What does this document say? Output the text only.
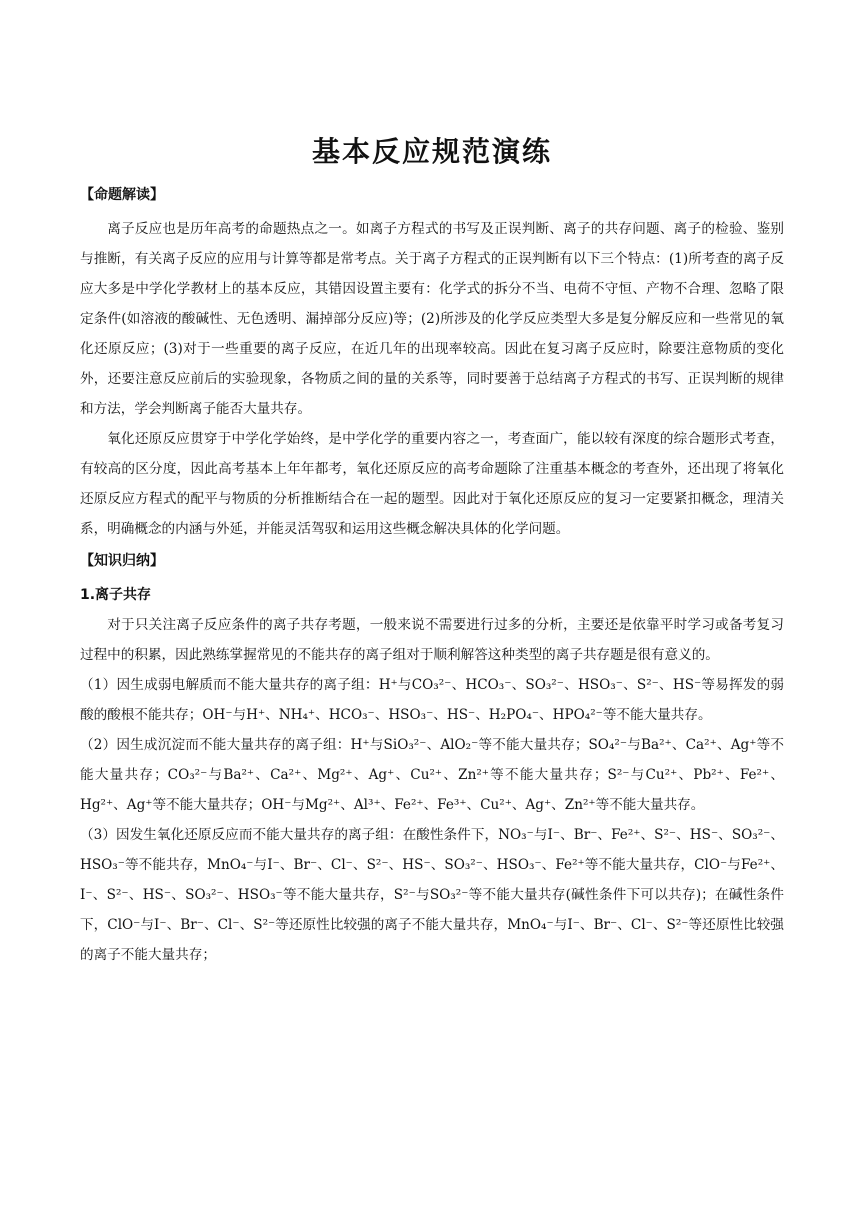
基本反应规范演练
【命题解读】

离子反应也是历年高考的命题热点之一。如离子方程式的书写及正误判断、离子的共存问题、离子的检验、鉴别与推断，有关离子反应的应用与计算等都是常考点。关于离子方程式的正误判断有以下三个特点：(1)所考查的离子反应大多是中学化学教材上的基本反应，其错因设置主要有：化学式的拆分不当、电荷不守恒、产物不合理、忽略了限定条件(如溶液的酸碱性、无色透明、漏掉部分反应)等；(2)所涉及的化学反应类型大多是复分解反应和一些常见的氧化还原反应；(3)对于一些重要的离子反应，在近几年的出现率较高。因此在复习离子反应时，除要注意物质的变化外，还要注意反应前后的实验现象，各物质之间的量的关系等，同时要善于总结离子方程式的书写、正误判断的规律和方法，学会判断离子能否大量共存。

氧化还原反应贯穿于中学化学始终，是中学化学的重要内容之一，考查面广，能以较有深度的综合题形式考查，有较高的区分度，因此高考基本上年年都考，氧化还原反应的高考命题除了注重基本概念的考查外，还出现了将氧化还原反应方程式的配平与物质的分析推断结合在一起的题型。因此对于氧化还原反应的复习一定要紧扣概念，理清关系，明确概念的内涵与外延，并能灵活驾驭和运用这些概念解决具体的化学问题。

【知识归纳】
1.离子共存

对于只关注离子反应条件的离子共存考题，一般来说不需要进行过多的分析，主要还是依靠平时学习或备考复习过程中的积累，因此熟练掌握常见的不能共存的离子组对于顺利解答这种类型的离子共存题是很有意义的。

（1）因生成弱电解质而不能大量共存的离子组：H⁺与CO₃²⁻、HCO₃⁻、SO₃²⁻、HSO₃⁻、S²⁻、HS⁻等易挥发的弱酸的酸根不能共存；OH⁻与H⁺、NH₄⁺、HCO₃⁻、HSO₃⁻、HS⁻、H₂PO₄⁻、HPO₄²⁻等不能大量共存。

（2）因生成沉淀而不能大量共存的离子组：H⁺与SiO₃²⁻、AlO₂⁻等不能大量共存；SO₄²⁻与Ba²⁺、Ca²⁺、Ag⁺等不能大量共存；CO₃²⁻与Ba²⁺、Ca²⁺、Mg²⁺、Ag⁺、Cu²⁺、Zn²⁺等不能大量共存；S²⁻与Cu²⁺、Pb²⁺、Fe²⁺、Hg²⁺、Ag⁺等不能大量共存；OH⁻与Mg²⁺、Al³⁺、Fe²⁺、Fe³⁺、Cu²⁺、Ag⁺、Zn²⁺等不能大量共存。

（3）因发生氧化还原反应而不能大量共存的离子组：在酸性条件下，NO₃⁻与I⁻、Br⁻、Fe²⁺、S²⁻、HS⁻、SO₃²⁻、HSO₃⁻等不能共存，MnO₄⁻与I⁻、Br⁻、Cl⁻、S²⁻、HS⁻、SO₃²⁻、HSO₃⁻、Fe²⁺等不能大量共存，ClO⁻与Fe²⁺、I⁻、S²⁻、HS⁻、SO₃²⁻、HSO₃⁻等不能大量共存，S²⁻与SO₃²⁻等不能大量共存(碱性条件下可以共存)；在碱性条件下，ClO⁻与I⁻、Br⁻、Cl⁻、S²⁻等还原性比较强的离子不能大量共存，MnO₄⁻与I⁻、Br⁻、Cl⁻、S²⁻等还原性比较强的离子不能大量共存；
